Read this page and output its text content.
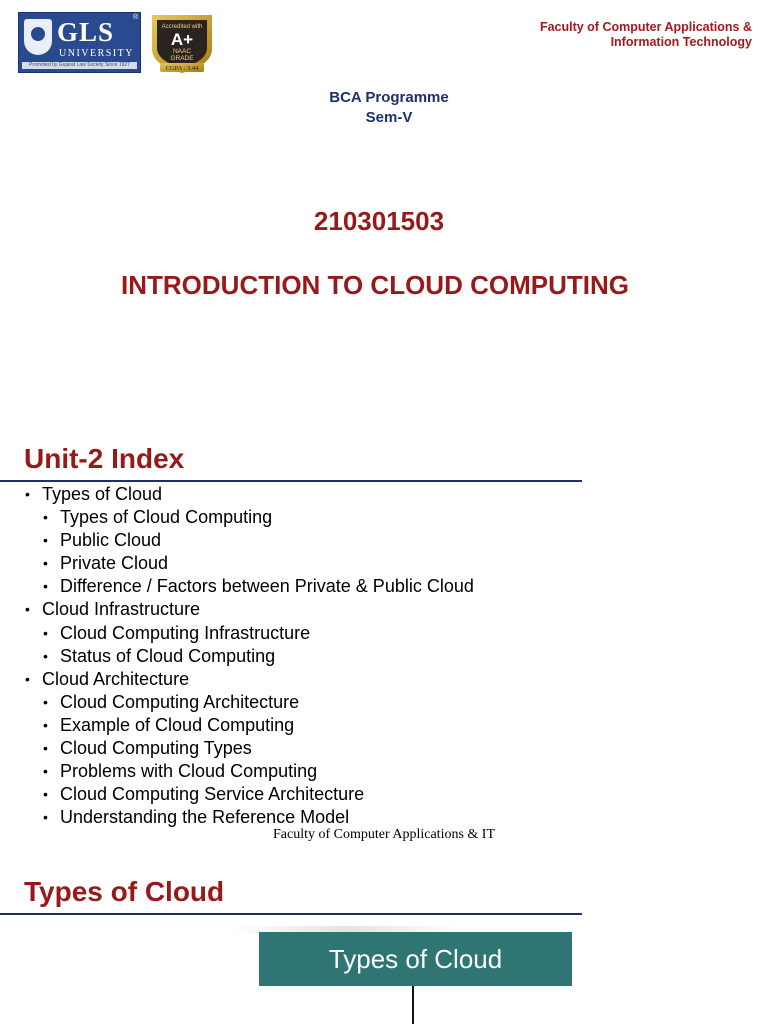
GLS	®
UNIVERSITY
Promoted by Gujarat Law Society Since 1927
Accredited with
A+
NAAC
GRADE
CGPA : 3.44
Faculty of Computer Applications &
Information Technology
BCA Programme
Sem-V
210301503
INTRODUCTION TO CLOUD COMPUTING
Unit-2 Index
• Types of Cloud
• Types of Cloud Computing
• Public Cloud
• Private Cloud
• Difference / Factors between Private & Public Cloud
• Cloud Infrastructure
• Cloud Computing Infrastructure
• Status of Cloud Computing
• Cloud Architecture
• Cloud Computing Architecture
• Example of Cloud Computing
• Cloud Computing Types
• Problems with Cloud Computing
• Cloud Computing Service Architecture
• Understanding the Reference Model
Faculty of Computer Applications & IT
Types of Cloud
Types of Cloud
